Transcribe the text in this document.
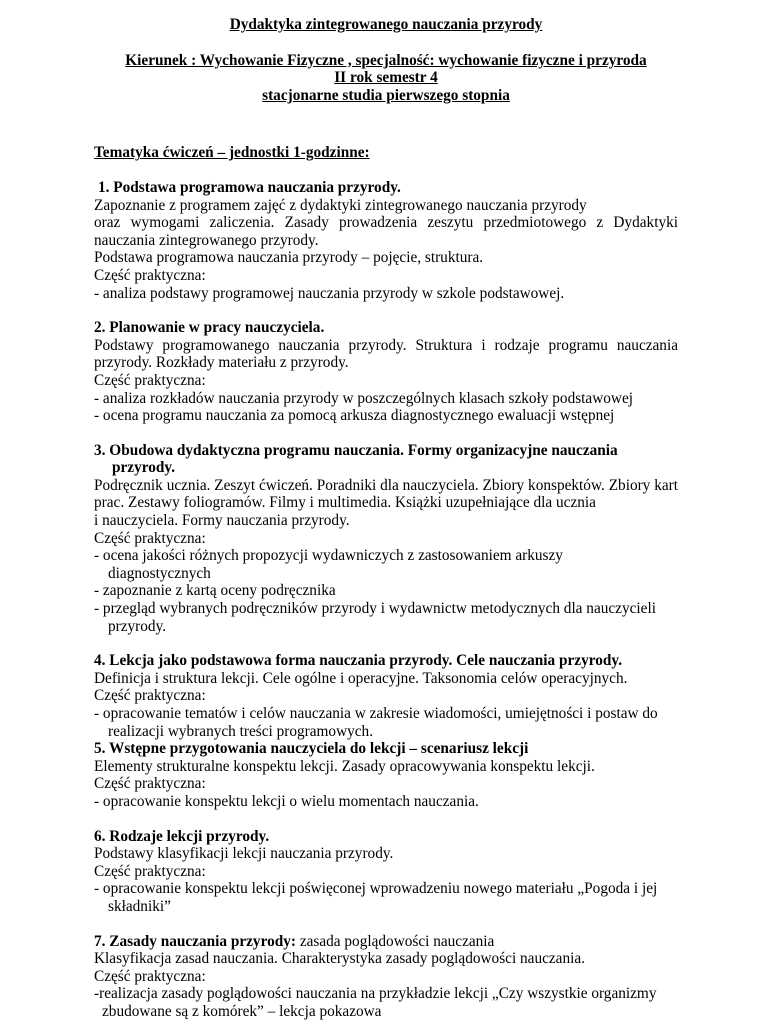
Dydaktyka zintegrowanego nauczania przyrody
Kierunek : Wychowanie Fizyczne , specjalność: wychowanie fizyczne i przyroda
II rok semestr 4
stacjonarne studia pierwszego stopnia
Tematyka ćwiczeń – jednostki 1-godzinne:
1. Podstawa programowa nauczania przyrody.
Zapoznanie z programem zajęć z dydaktyki zintegrowanego nauczania przyrody
oraz wymogami zaliczenia. Zasady prowadzenia zeszytu przedmiotowego z Dydaktyki nauczania zintegrowanego przyrody.
Podstawa programowa nauczania przyrody – pojęcie, struktura.
Część praktyczna:
- analiza podstawy programowej nauczania przyrody w szkole podstawowej.
2. Planowanie w pracy nauczyciela.
Podstawy programowanego nauczania przyrody. Struktura i rodzaje programu nauczania przyrody. Rozkłady materiału z przyrody.
Część praktyczna:
- analiza rozkładów nauczania przyrody w poszczególnych klasach szkoły podstawowej
- ocena programu nauczania za pomocą arkusza diagnostycznego ewaluacji wstępnej
3. Obudowa dydaktyczna programu nauczania. Formy organizacyjne nauczania przyrody.
Podręcznik ucznia. Zeszyt ćwiczeń. Poradniki dla nauczyciela. Zbiory konspektów. Zbiory kart prac. Zestawy foliogramów. Filmy i multimedia. Książki uzupełniające dla ucznia
i nauczyciela. Formy nauczania przyrody.
Część praktyczna:
- ocena jakości różnych propozycji wydawniczych z zastosowaniem arkuszy diagnostycznych
- zapoznanie z kartą oceny podręcznika
- przegląd wybranych podręczników przyrody i wydawnictw metodycznych dla nauczycieli przyrody.
4. Lekcja jako podstawowa forma nauczania przyrody. Cele nauczania przyrody.
Definicja i struktura lekcji. Cele ogólne i operacyjne. Taksonomia celów operacyjnych.
Część praktyczna:
- opracowanie tematów i celów nauczania w zakresie wiadomości, umiejętności i postaw do realizacji wybranych treści programowych.
5. Wstępne przygotowania nauczyciela do lekcji – scenariusz lekcji
Elementy strukturalne konspektu lekcji. Zasady opracowywania konspektu lekcji.
Część praktyczna:
- opracowanie konspektu lekcji o wielu momentach nauczania.
6. Rodzaje lekcji przyrody.
Podstawy klasyfikacji lekcji nauczania przyrody.
Część praktyczna:
- opracowanie konspektu lekcji poświęconej wprowadzeniu nowego materiału „Pogoda i jej składniki”
7. Zasady nauczania przyrody: zasada poglądowości nauczania
Klasyfikacja zasad nauczania. Charakterystyka zasady poglądowości nauczania.
Część praktyczna:
-realizacja zasady poglądowości nauczania na przykładzie lekcji „Czy wszystkie organizmy zbudowane są z komórek” – lekcja pokazowa
